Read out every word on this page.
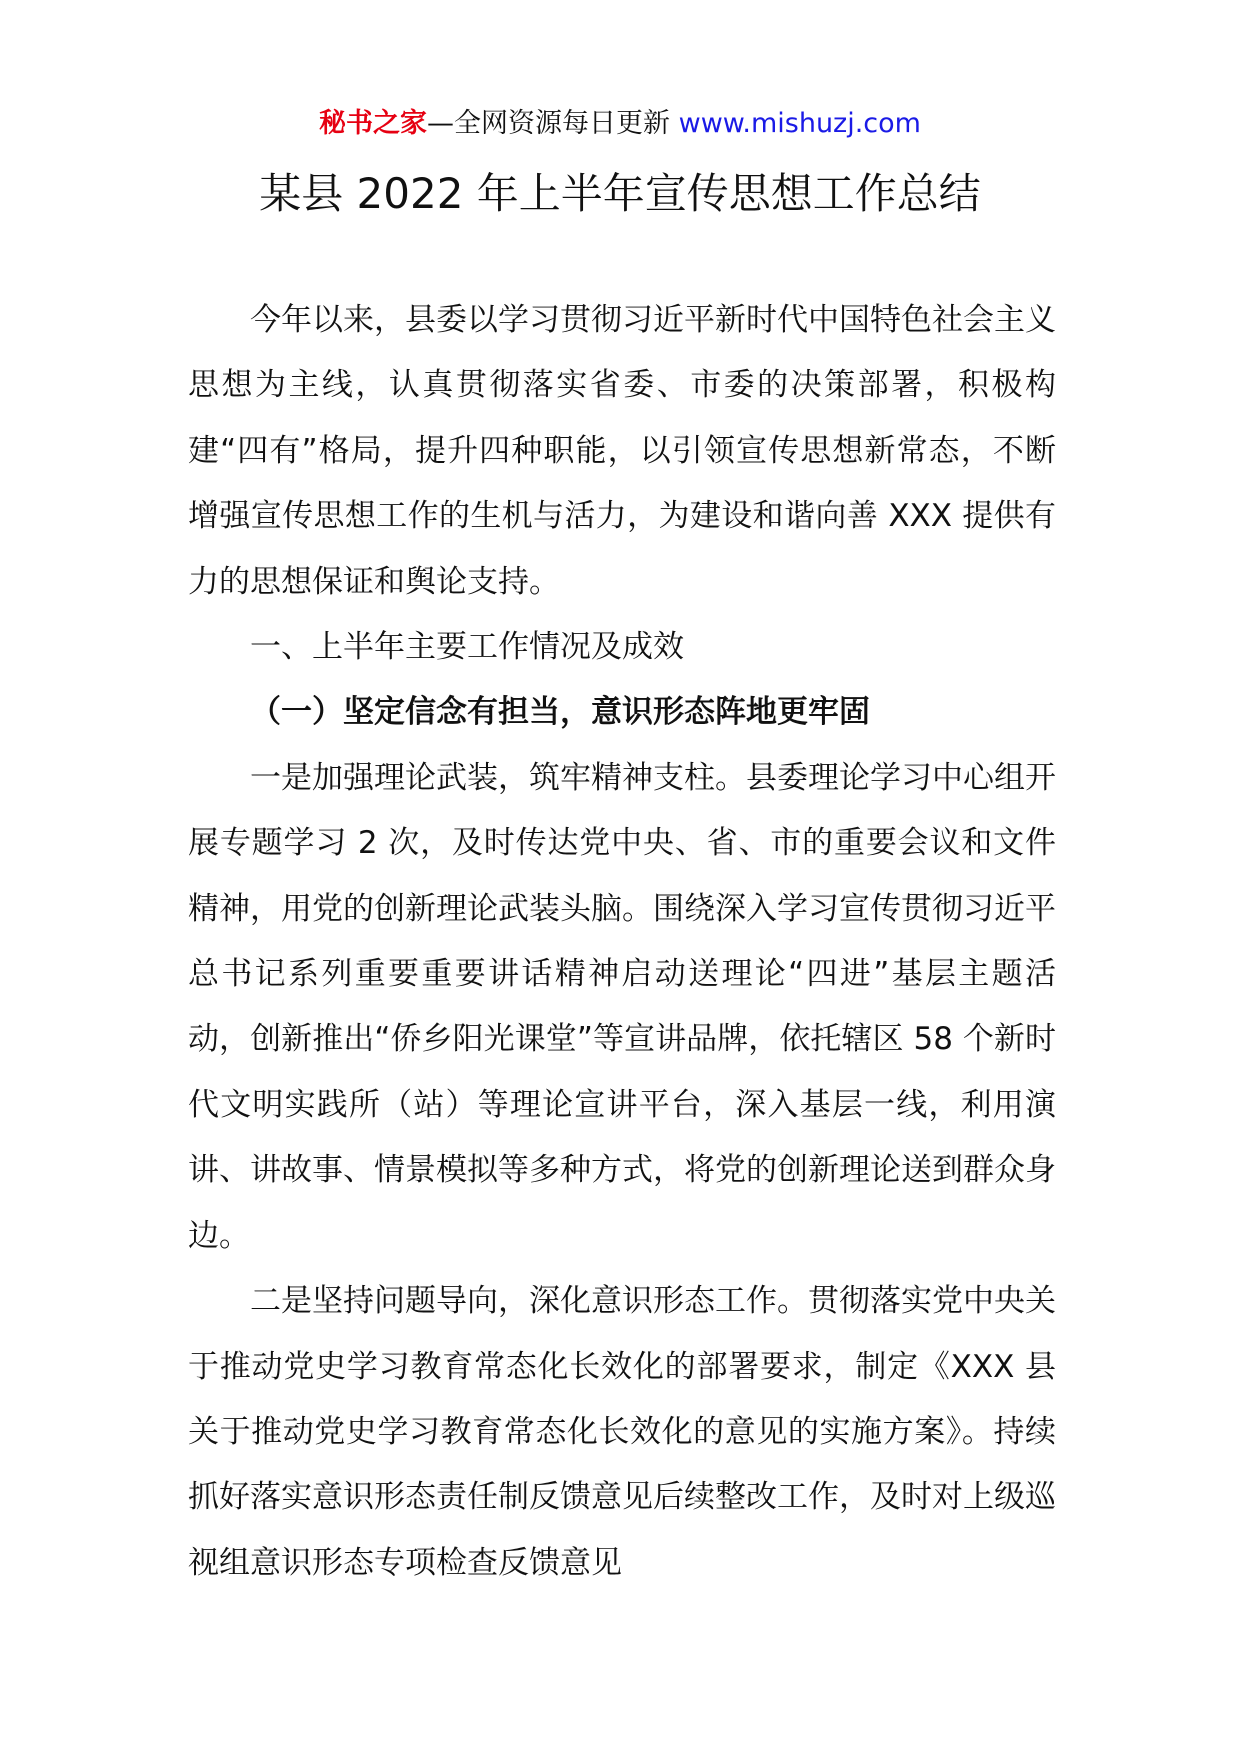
秘书之家—全网资源每日更新 www.mishuzj.com
某县 2022 年上半年宣传思想工作总结

今年以来，县委以学习贯彻习近平新时代中国特色社会主义思想为主线，认真贯彻落实省委、市委的决策部署，积极构建“四有”格局，提升四种职能，以引领宣传思想新常态，不断增强宣传思想工作的生机与活力，为建设和谐向善 XXX 提供有力的思想保证和舆论支持。

一、上半年主要工作情况及成效

（一）坚定信念有担当，意识形态阵地更牢固

一是加强理论武装，筑牢精神支柱。县委理论学习中心组开展专题学习 2 次，及时传达党中央、省、市的重要会议和文件精神，用党的创新理论武装头脑。围绕深入学习宣传贯彻习近平总书记系列重要重要讲话精神启动送理论“四进”基层主题活动，创新推出“侨乡阳光课堂”等宣讲品牌，依托辖区 58 个新时代文明实践所（站）等理论宣讲平台，深入基层一线，利用演讲、讲故事、情景模拟等多种方式，将党的创新理论送到群众身边。

二是坚持问题导向，深化意识形态工作。贯彻落实党中央关于推动党史学习教育常态化长效化的部署要求，制定《XXX 县关于推动党史学习教育常态化长效化的意见的实施方案》。持续抓好落实意识形态责任制反馈意见后续整改工作，及时对上级巡视组意识形态专项检查反馈意见
